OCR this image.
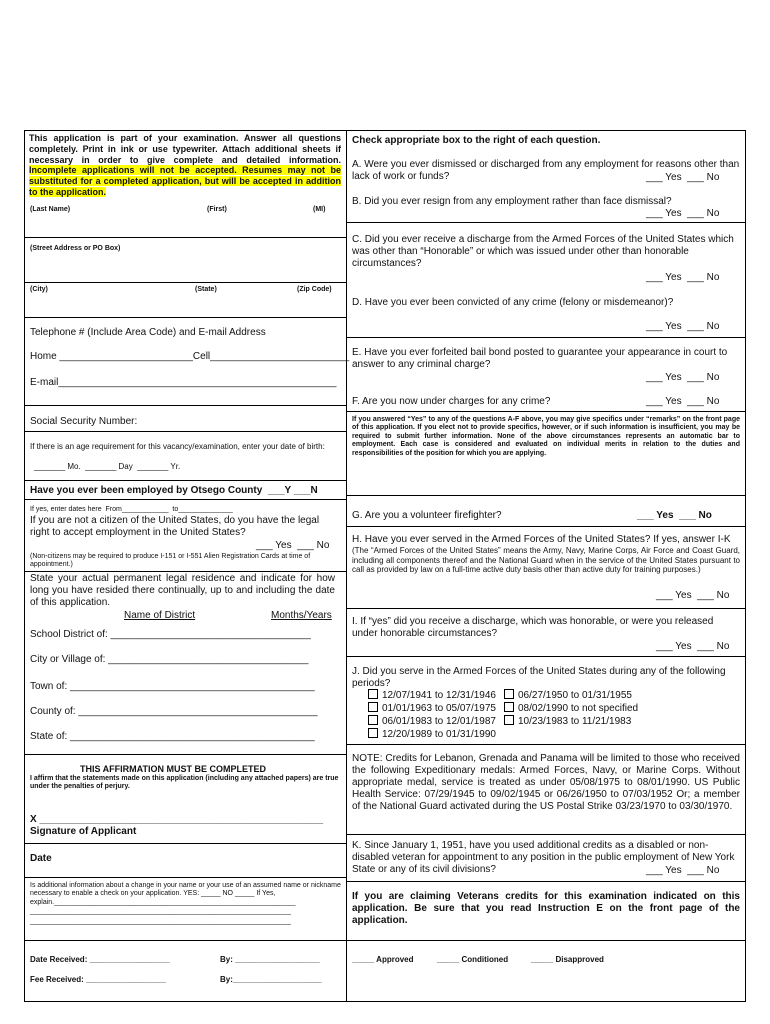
This application is part of your examination. Answer all questions completely. Print in ink or use typewriter. Attach additional sheets if necessary in order to give complete and detailed information. Incomplete applications will not be accepted. Resumes may not be substituted for a completed application, but will be accepted in addition to the application.
(Last Name)	(First)	(MI)
(Street Address or PO Box)
(City)	(State)	(Zip Code)
Telephone # (Include Area Code) and E-mail Address
Home ________________________Cell_________________________
E-mail__________________________________________________
Social Security Number:
If there is an age requirement for this vacancy/examination, enter your date of birth:
_______ Mo.  _______ Day  _______ Yr.
Have you ever been employed by Otsego County  ___Y ___N
If yes, enter dates here  From____________  to______________
If you are not a citizen of the United States, do you have the legal right to accept employment in the United States?
___ Yes  ___ No
(Non-citizens may be required to produce I-151 or I-551 Alien Registration Cards at time of appointment.)
State your actual permanent legal residence and indicate for how long you have resided there continually, up to and including the date of this application.
Name of District	Months/Years
School District of: ____________________________________
City or Village of: ____________________________________
Town of: ____________________________________________
County of: ___________________________________________
State of: ____________________________________________
THIS AFFIRMATION MUST BE COMPLETED
I affirm that the statements made on this application (including any attached papers) are true under the penalties of perjury.
X ___________________________________________________
Signature of Applicant
Date
Is additional information about a change in your name or your use of an assumed name or nickname necessary to enable a check on your application. YES: _____ NO _____ If Yes, explain.______________________________________________________________
___________________________________________________________________
___________________________________________________________________
Date Received: __________________	By: ___________________
Fee Received: __________________	By:____________________
Check appropriate box to the right of each question.
A. Were you ever dismissed or discharged from any employment for reasons other than lack of work or funds?	___ Yes  ___ No
B. Did you ever resign from any employment rather than face dismissal?
___ Yes  ___ No
C. Did you ever receive a discharge from the Armed Forces of the United States which was other than “Honorable” or which was issued under other than honorable circumstances?
___ Yes  ___ No
D. Have you ever been convicted of any crime (felony or misdemeanor)?
___ Yes  ___ No
E. Have you ever forfeited bail bond posted to guarantee your appearance in court to answer to any criminal charge?
___ Yes  ___ No
F. Are you now under charges for any crime?	___ Yes  ___ No
If you answered “Yes” to any of the questions A-F above, you may give specifics under “remarks” on the front page of this application. If you elect not to provide specifics, however, or if such information is insufficient, you may be required to submit further information. None of the above circumstances represents an automatic bar to employment. Each case is considered and evaluated on individual merits in relation to the duties and responsibilities of the position for which you are applying.
G. Are you a volunteer firefighter?	___ Yes  ___ No
H. Have you ever served in the Armed Forces of the United States? If yes, answer I-K
(The “Armed Forces of the United States” means the Army, Navy, Marine Corps, Air Force and Coast Guard, including all components thereof and the National Guard when in the service of the United States pursuant to call as provided by law on a full-time active duty basis other than active duty for training purposes.)
___ Yes  ___ No
I. If “yes” did you receive a discharge, which was honorable, or were you released under honorable circumstances?
___ Yes  ___ No
J. Did you serve in the Armed Forces of the United States during any of the following periods?
12/07/1941 to 12/31/1946	06/27/1950 to 01/31/1955
01/01/1963 to 05/07/1975	08/02/1990 to not specified
06/01/1983 to 12/01/1987	10/23/1983 to 11/21/1983
12/20/1989 to 01/31/1990
NOTE: Credits for Lebanon, Grenada and Panama will be limited to those who received the following Expeditionary medals: Armed Forces, Navy, or Marine Corps. Without appropriate medal, service is treated as under 05/08/1975 to 08/01/1990. US Public Health Service: 07/29/1945 to 09/02/1945 or 06/26/1950 to 07/03/1952 Or; a member of the National Guard activated during the US Postal Strike 03/23/1970 to 03/30/1970.
K. Since January 1, 1951, have you used additional credits as a disabled or non-disabled veteran for appointment to any position in the public employment of New York State or any of its civil divisions?	___ Yes  ___ No
If you are claiming Veterans credits for this examination indicated on this application. Be sure that you read Instruction E on the front page of the application.
_____ Approved	_____ Conditioned	_____ Disapproved
